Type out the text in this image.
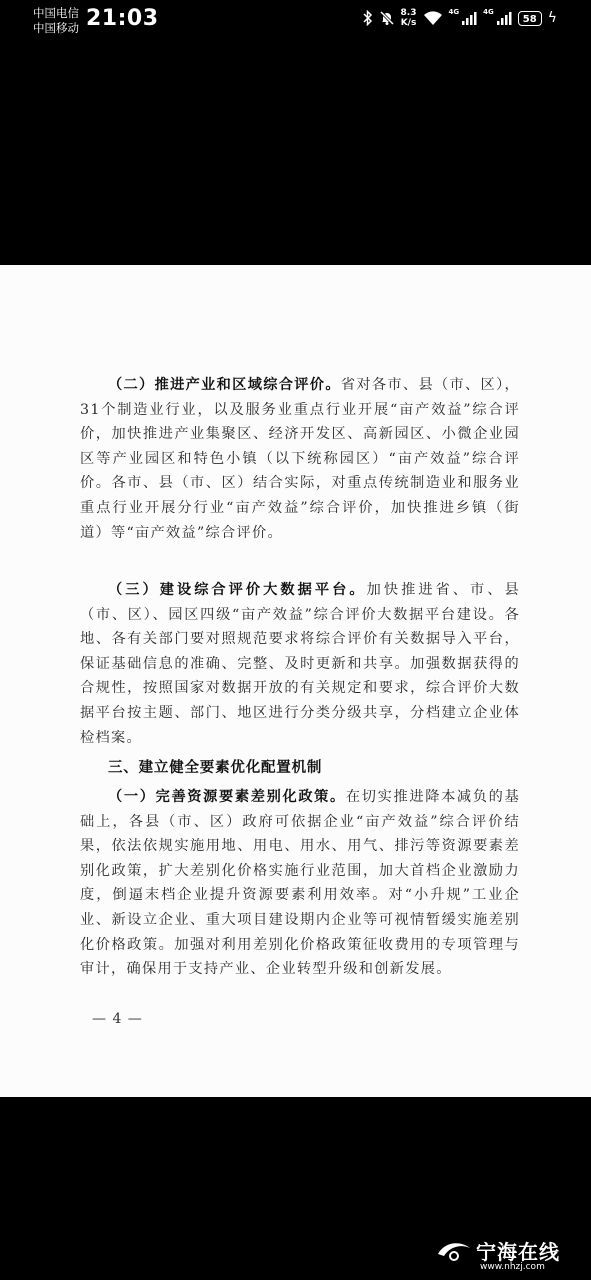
中国电信
中国移动 21:03	8.3
K/s
4G	4G
58 ϟ
（二）推进产业和区域综合评价。省对各市、县（市、区），31个制造业行业，以及服务业重点行业开展“亩产效益”综合评价，加快推进产业集聚区、经济开发区、高新园区、小微企业园区等产业园区和特色小镇（以下统称园区）“亩产效益”综合评价。各市、县（市、区）结合实际，对重点传统制造业和服务业重点行业开展分行业“亩产效益”综合评价，加快推进乡镇（街道）等“亩产效益”综合评价。
（三）建设综合评价大数据平台。加快推进省、市、县（市、区）、园区四级“亩产效益”综合评价大数据平台建设。各地、各有关部门要对照规范要求将综合评价有关数据导入平台，保证基础信息的准确、完整、及时更新和共享。加强数据获得的合规性，按照国家对数据开放的有关规定和要求，综合评价大数据平台按主题、部门、地区进行分类分级共享，分档建立企业体检档案。
三、建立健全要素优化配置机制
（一）完善资源要素差别化政策。在切实推进降本减负的基础上，各县（市、区）政府可依据企业“亩产效益”综合评价结果，依法依规实施用地、用电、用水、用气、排污等资源要素差别化政策，扩大差别化价格实施行业范围，加大首档企业激励力度，倒逼末档企业提升资源要素利用效率。对“小升规”工业企业、新设立企业、重大项目建设期内企业等可视情暂缓实施差别化价格政策。加强对利用差别化价格政策征收费用的专项管理与审计，确保用于支持产业、企业转型升级和创新发展。
— 4 —
宁海在线
www.nhzj.com
